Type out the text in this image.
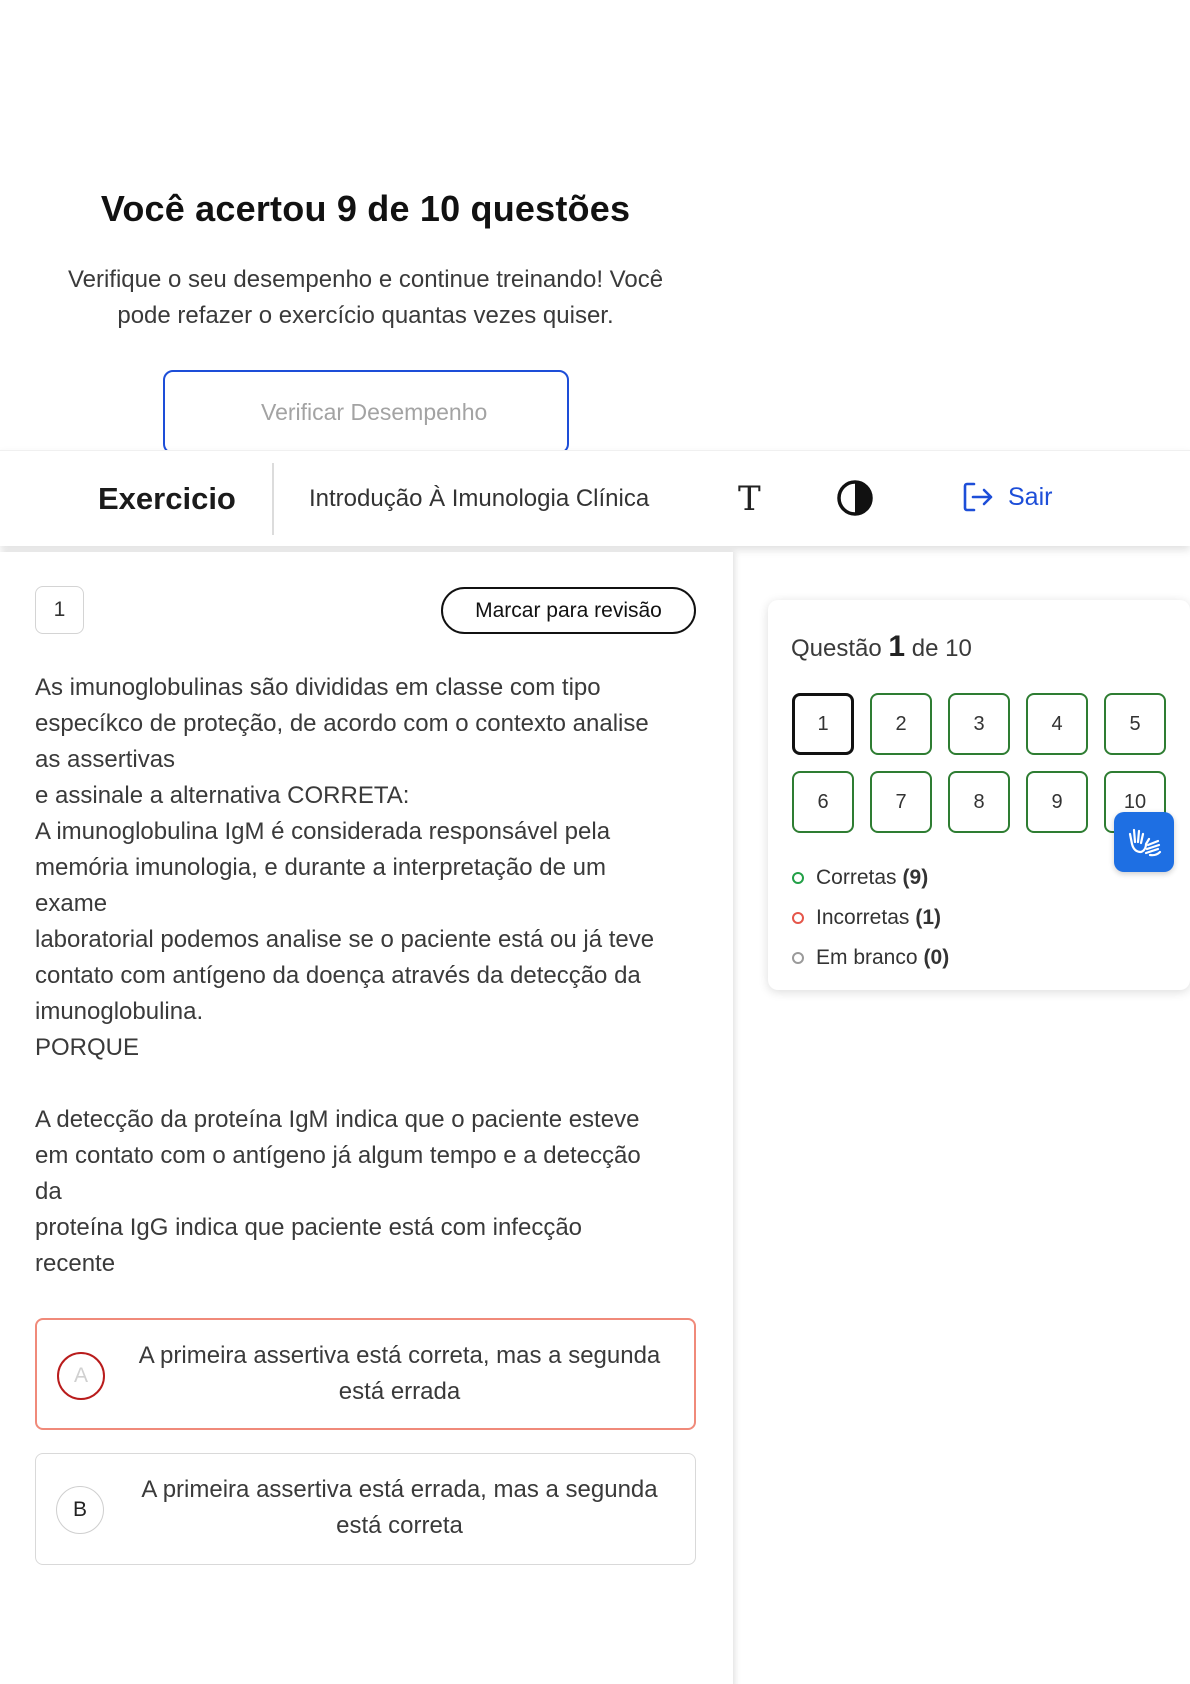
Você acertou 9 de 10 questões
Verifique o seu desempenho e continue treinando! Você
pode refazer o exercício quantas vezes quiser.
Verificar Desempenho
Exercicio	Introdução À Imunologia Clínica	T	Sair
1	Marcar para revisão

As imunoglobulinas são divididas em classe com tipo

especíkco de proteção, de acordo com o contexto analise

as assertivas

e assinale a alternativa CORRETA:

A imunoglobulina IgM é considerada responsável pela

memória imunologia, e durante a interpretação de um

exame

laboratorial podemos analise se o paciente está ou já teve

contato com antígeno da doença através da detecção da

imunoglobulina.

PORQUE

A detecção da proteína IgM indica que o paciente esteve

em contato com o antígeno já algum tempo e a detecção

da

proteína IgG indica que paciente está com infecção

recente

A
A primeira assertiva está correta, mas a segunda
está errada
B
A primeira assertiva está errada, mas a segunda
está correta
Questão 1 de 10
1	2	3	4	5
6	7	8	9	10
Corretas (9)
Incorretas (1)
Em branco (0)
